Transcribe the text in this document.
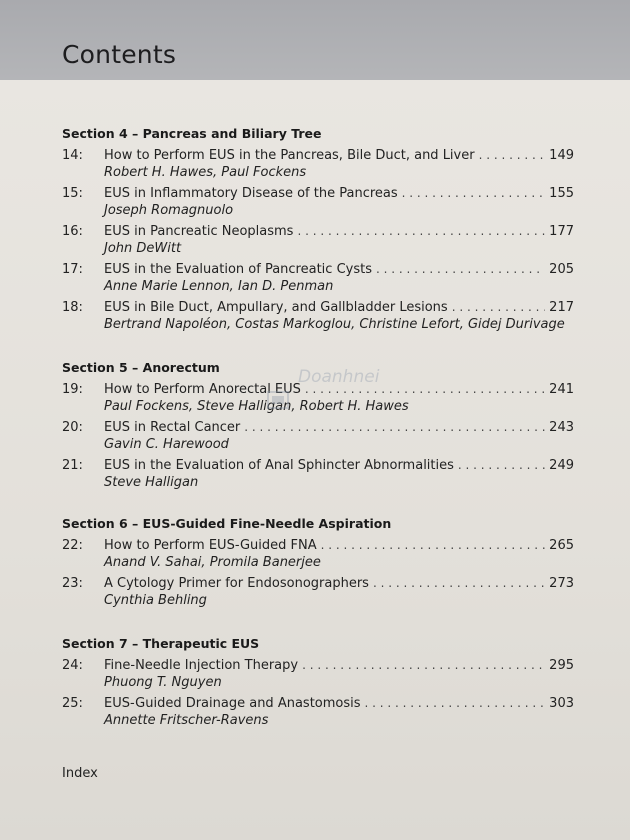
Contents
Section 4 – Pancreas and Biliary Tree
14: How to Perform EUS in the Pancreas, Bile Duct, and Liver . . .	149
Robert H. Hawes, Paul Fockens
15: EUS in Inflammatory Disease of the Pancreas . . .	155
Joseph Romagnuolo
16: EUS in Pancreatic Neoplasms . . .	177
John DeWitt
17: EUS in the Evaluation of Pancreatic Cysts . . .	205
Anne Marie Lennon, Ian D. Penman
18: EUS in Bile Duct, Ampullary, and Gallbladder Lesions . . .	217
Bertrand Napoléon, Costas Markoglou, Christine Lefort, Gidej Durivage
Section 5 – Anorectum
19: How to Perform Anorectal EUS . . .	241
Paul Fockens, Steve Halligan, Robert H. Hawes
20: EUS in Rectal Cancer . . .	243
Gavin C. Harewood
21: EUS in the Evaluation of Anal Sphincter Abnormalities . . .	249
Steve Halligan
Section 6 – EUS-Guided Fine-Needle Aspiration
22: How to Perform EUS-Guided FNA . . .	265
Anand V. Sahai, Promila Banerjee
23: A Cytology Primer for Endosonographers . . .	273
Cynthia Behling
Section 7 – Therapeutic EUS
24: Fine-Needle Injection Therapy . . .	295
Phuong T. Nguyen
25: EUS-Guided Drainage and Anastomosis . . .	303
Annette Fritscher-Ravens
Index
Doanhnei
